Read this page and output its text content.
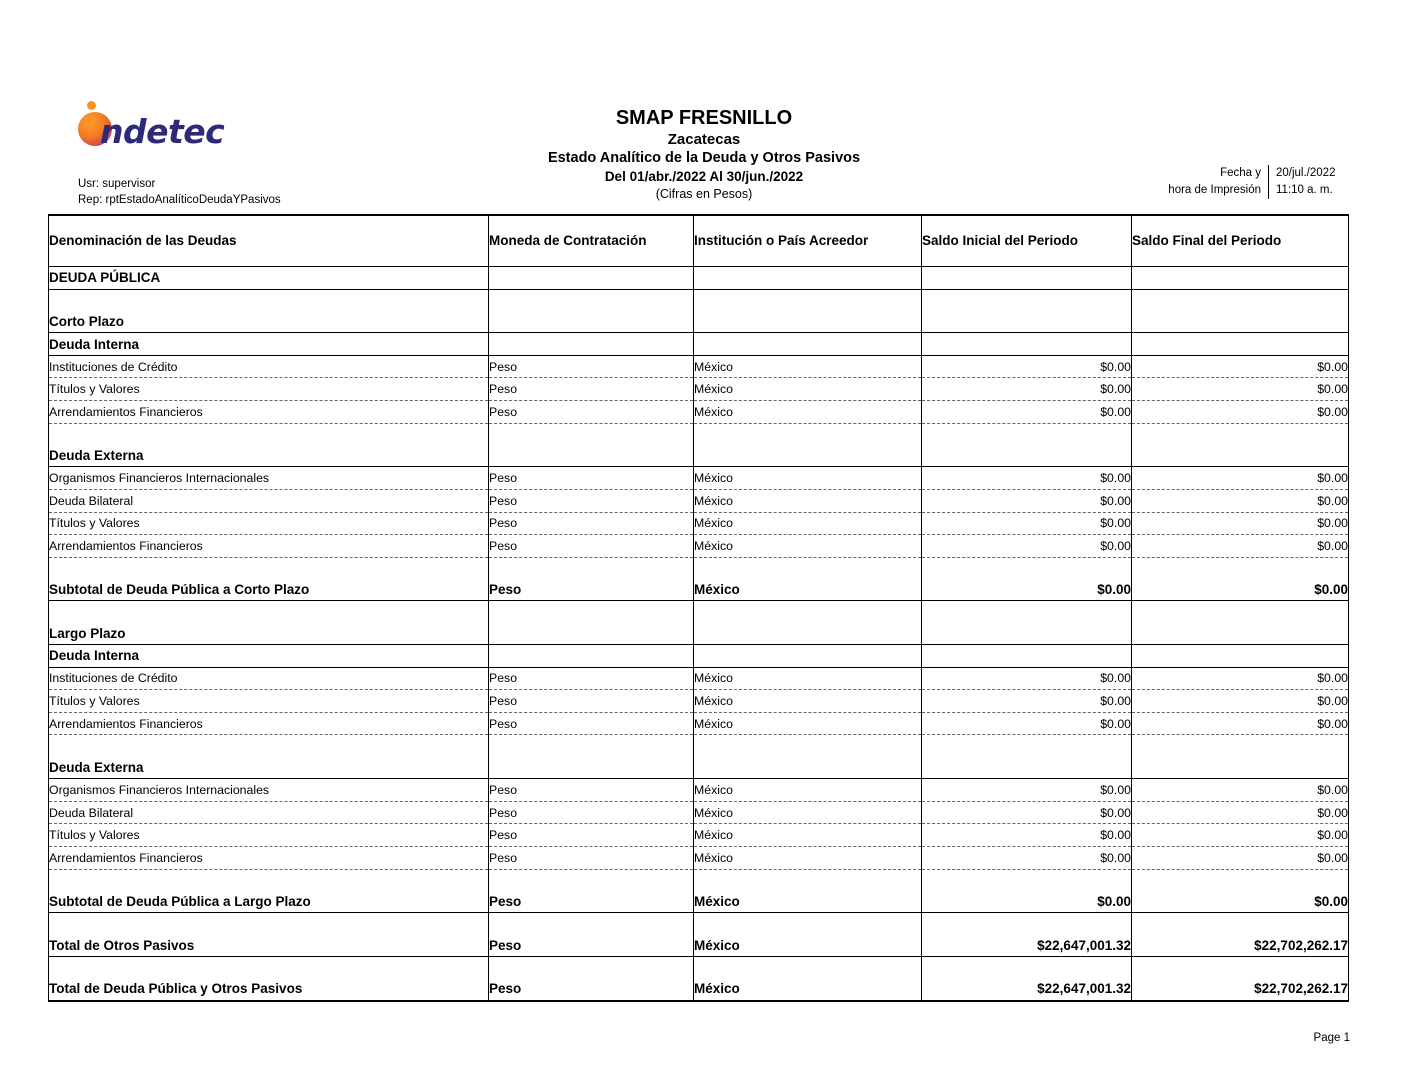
ndetec
Usr: supervisor
Rep: rptEstadoAnalíticoDeudaYPasivos
SMAP FRESNILLO
Zacatecas
Estado Analítico de la Deuda y Otros Pasivos
Del 01/abr./2022 Al 30/jun./2022
(Cifras en Pesos)
Fecha y	20/jul./2022
hora de Impresión	11:10 a. m.
Denominación de las Deudas	Moneda de Contratación	Institución o País Acreedor	Saldo Inicial del Periodo	Saldo Final del Periodo
DEUDA PÚBLICA				

Corto Plazo				
Deuda Interna				
Instituciones de Crédito	Peso	México	$0.00	$0.00
Títulos y Valores	Peso	México	$0.00	$0.00
Arrendamientos Financieros	Peso	México	$0.00	$0.00

Deuda Externa				
Organismos Financieros Internacionales	Peso	México	$0.00	$0.00
Deuda Bilateral	Peso	México	$0.00	$0.00
Títulos y Valores	Peso	México	$0.00	$0.00
Arrendamientos Financieros	Peso	México	$0.00	$0.00

Subtotal de Deuda Pública a Corto Plazo	Peso	México	$0.00	$0.00

Largo Plazo				
Deuda Interna				
Instituciones de Crédito	Peso	México	$0.00	$0.00
Títulos y Valores	Peso	México	$0.00	$0.00
Arrendamientos Financieros	Peso	México	$0.00	$0.00

Deuda Externa				
Organismos Financieros Internacionales	Peso	México	$0.00	$0.00
Deuda Bilateral	Peso	México	$0.00	$0.00
Títulos y Valores	Peso	México	$0.00	$0.00
Arrendamientos Financieros	Peso	México	$0.00	$0.00

Subtotal de Deuda Pública a Largo Plazo	Peso	México	$0.00	$0.00

Total de Otros Pasivos	Peso	México	$22,647,001.32	$22,702,262.17

Total de Deuda Pública y Otros Pasivos	Peso	México	$22,647,001.32	$22,702,262.17
Page 1
